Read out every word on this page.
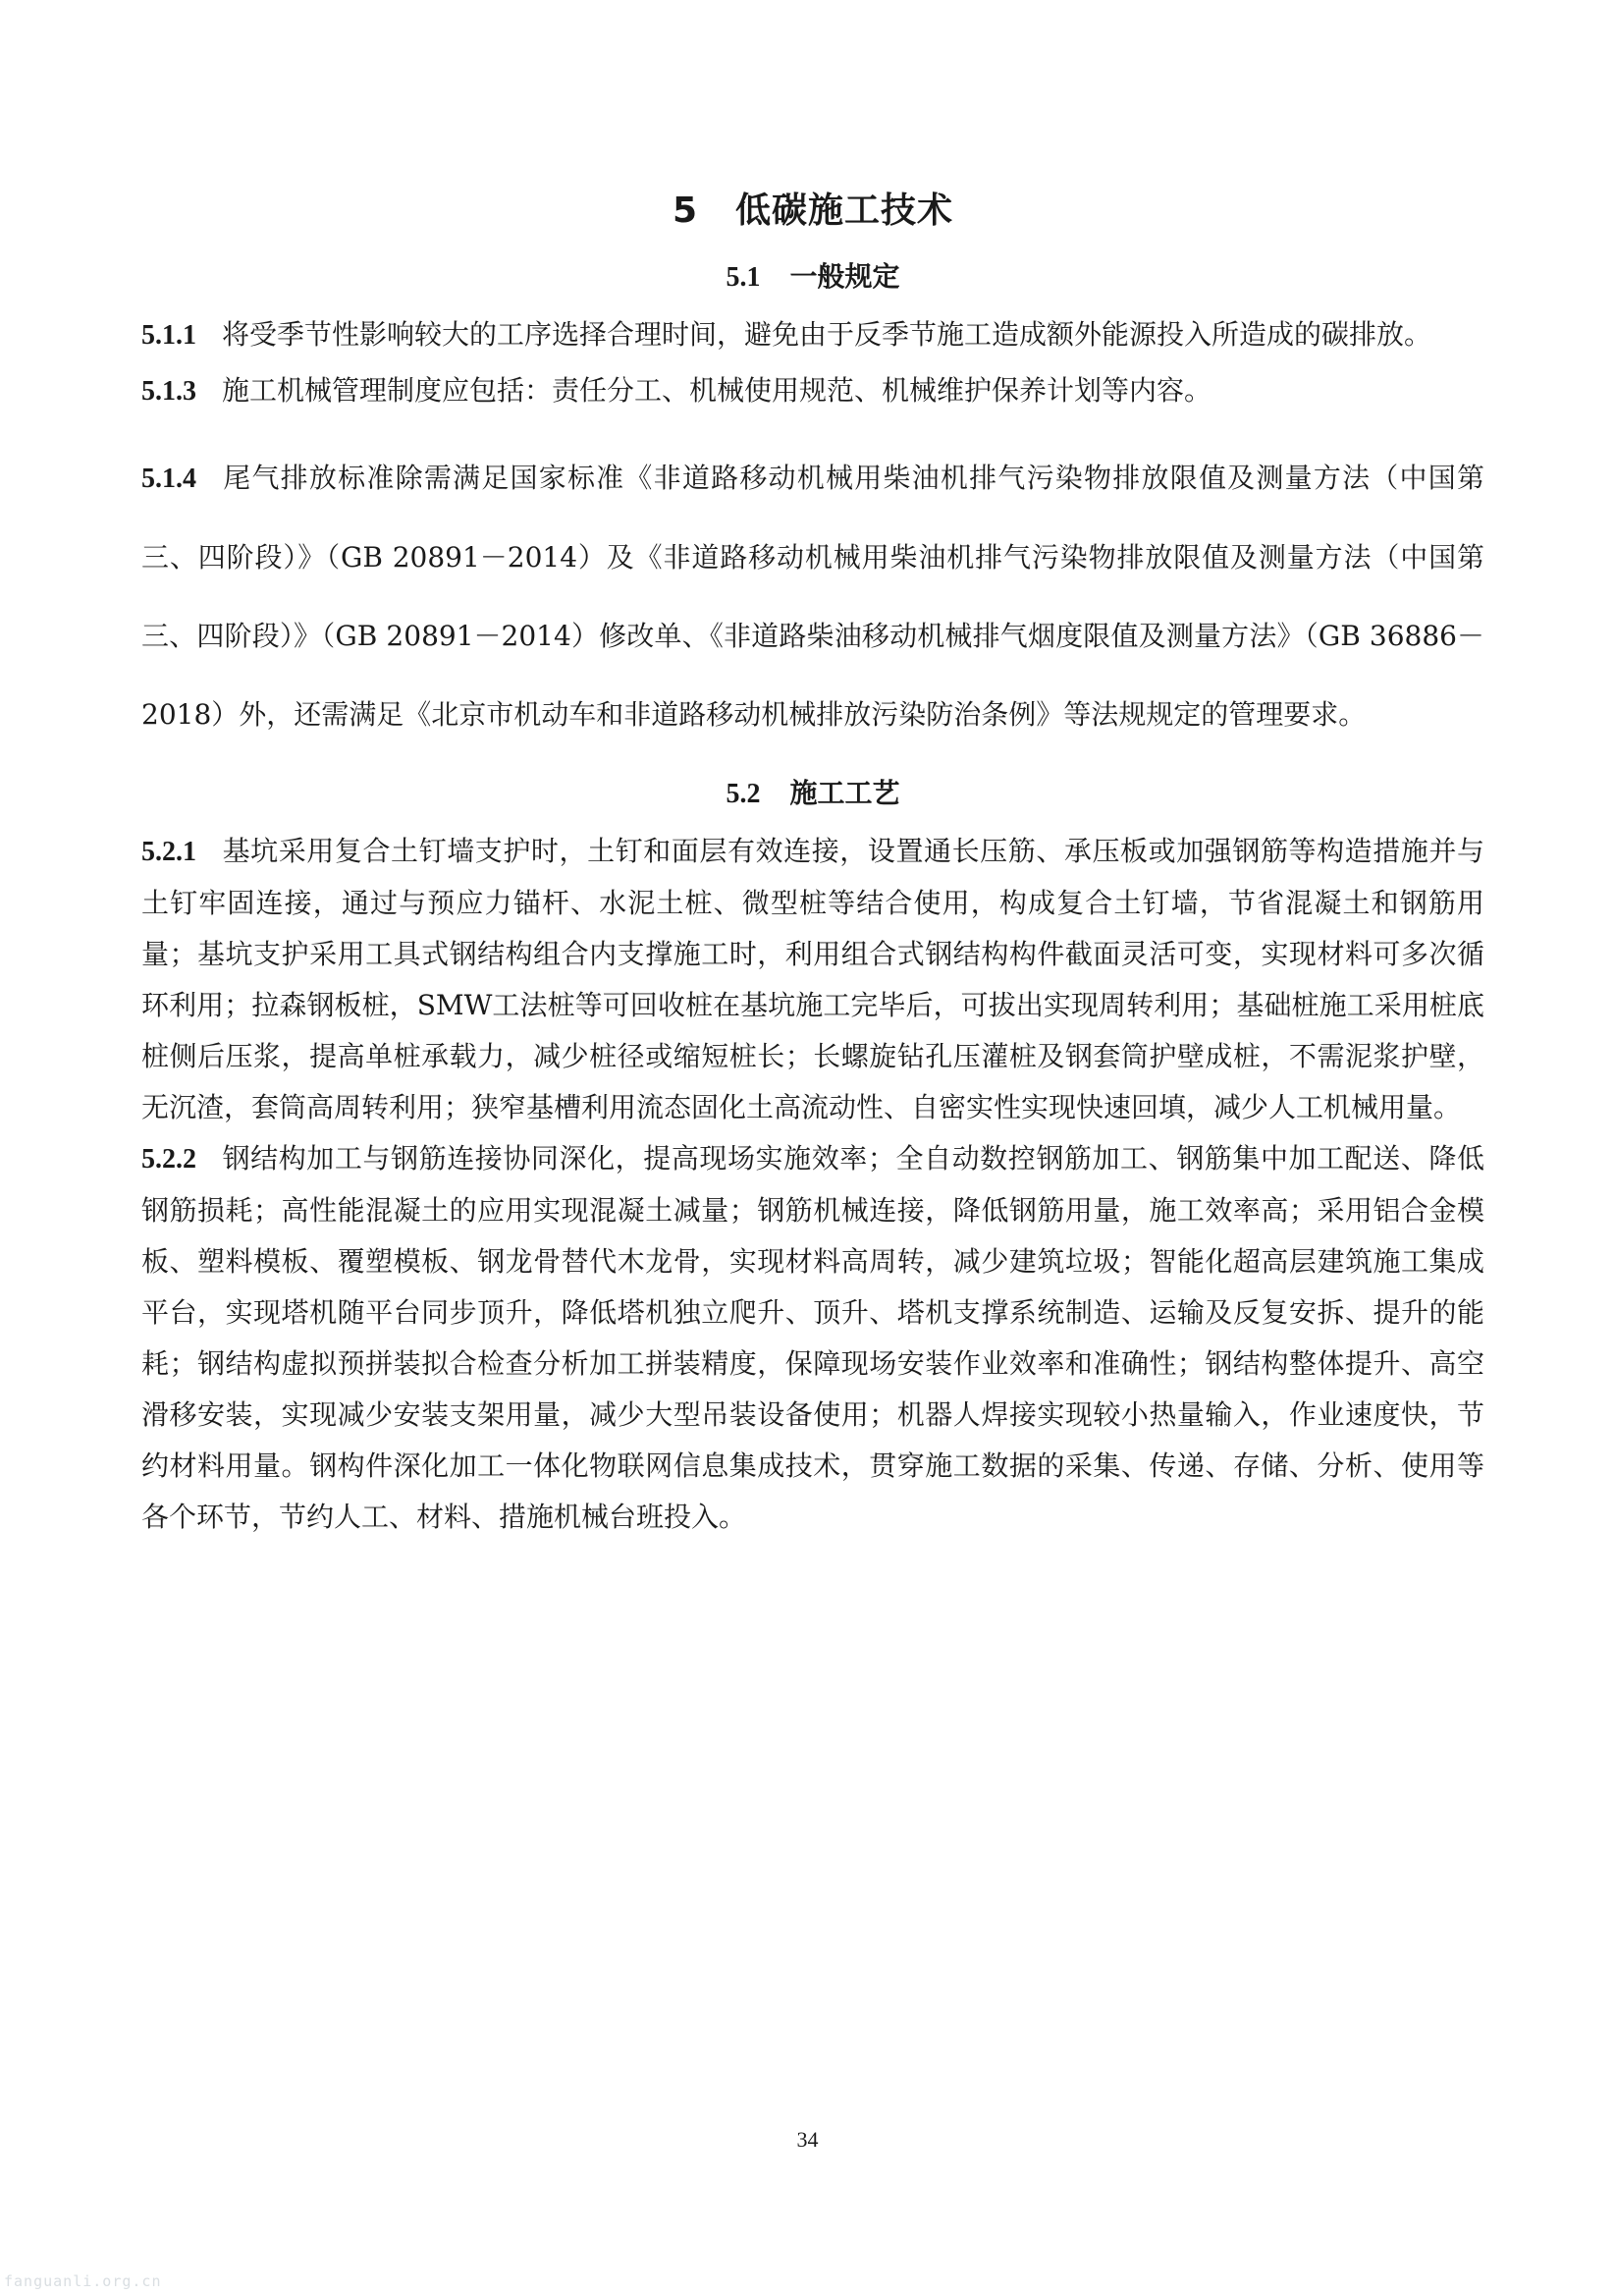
5 低碳施工技术
5.1 一般规定

5.1.1 将受季节性影响较大的工序选择合理时间，避免由于反季节施工造成额外能源投入所造成的碳排放。

5.1.3 施工机械管理制度应包括：责任分工、机械使用规范、机械维护保养计划等内容。

5.1.4 尾气排放标准除需满足国家标准《非道路移动机械用柴油机排气污染物排放限值及测量方法（中国第三、四阶段）》（GB 20891－2014）及《非道路移动机械用柴油机排气污染物排放限值及测量方法（中国第三、四阶段）》（GB 20891－2014）修改单、《非道路柴油移动机械排气烟度限值及测量方法》（GB 36886－2018）外，还需满足《北京市机动车和非道路移动机械排放污染防治条例》等法规规定的管理要求。

5.2 施工工艺

5.2.1 基坑采用复合土钉墙支护时，土钉和面层有效连接，设置通长压筋、承压板或加强钢筋等构造措施并与土钉牢固连接，通过与预应力锚杆、水泥土桩、微型桩等结合使用，构成复合土钉墙，节省混凝土和钢筋用量；基坑支护采用工具式钢结构组合内支撑施工时，利用组合式钢结构构件截面灵活可变，实现材料可多次循环利用；拉森钢板桩，SMW工法桩等可回收桩在基坑施工完毕后，可拔出实现周转利用；基础桩施工采用桩底桩侧后压浆，提高单桩承载力，减少桩径或缩短桩长；长螺旋钻孔压灌桩及钢套筒护壁成桩，不需泥浆护壁，无沉渣，套筒高周转利用；狭窄基槽利用流态固化土高流动性、自密实性实现快速回填，减少人工机械用量。

5.2.2 钢结构加工与钢筋连接协同深化，提高现场实施效率；全自动数控钢筋加工、钢筋集中加工配送、降低钢筋损耗；高性能混凝土的应用实现混凝土减量；钢筋机械连接，降低钢筋用量，施工效率高；采用铝合金模板、塑料模板、覆塑模板、钢龙骨替代木龙骨，实现材料高周转，减少建筑垃圾；智能化超高层建筑施工集成平台，实现塔机随平台同步顶升，降低塔机独立爬升、顶升、塔机支撑系统制造、运输及反复安拆、提升的能耗；钢结构虚拟预拼装拟合检查分析加工拼装精度，保障现场安装作业效率和准确性；钢结构整体提升、高空滑移安装，实现减少安装支架用量，减少大型吊装设备使用；机器人焊接实现较小热量输入，作业速度快，节约材料用量。钢构件深化加工一体化物联网信息集成技术，贯穿施工数据的采集、传递、存储、分析、使用等各个环节，节约人工、材料、措施机械台班投入。

34
fanguanli.org.cn
